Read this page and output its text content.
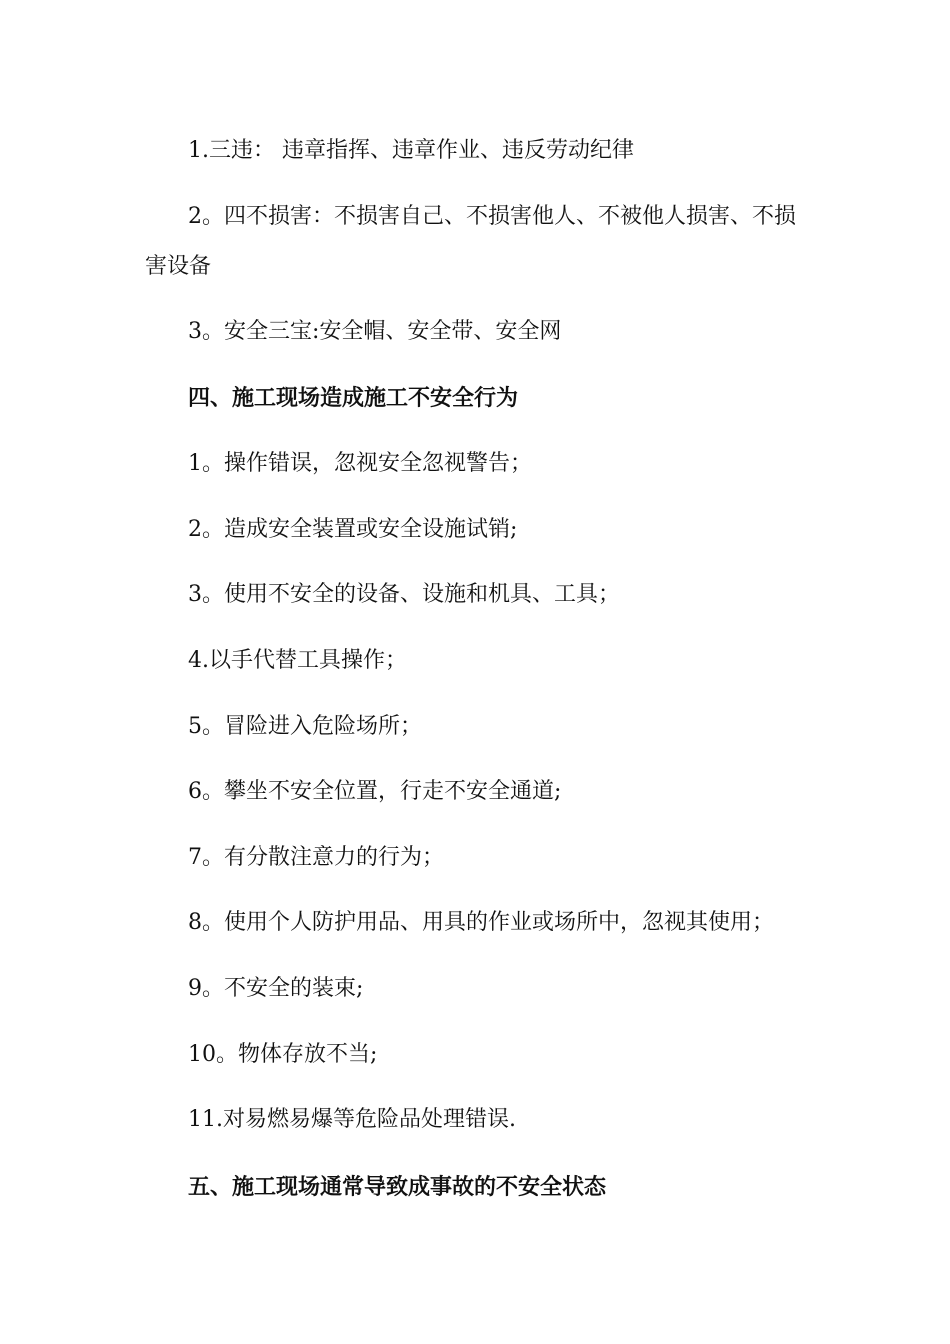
1.三违： 违章指挥、违章作业、违反劳动纪律
2。四不损害：不损害自己、不损害他人、不被他人损害、不损
害设备
3。安全三宝:安全帽、安全带、安全网
四、施工现场造成施工不安全行为
1。操作错误，忽视安全忽视警告；
2。造成安全装置或安全设施试销;
3。使用不安全的设备、设施和机具、工具；
4.以手代替工具操作；
5。冒险进入危险场所；
6。攀坐不安全位置，行走不安全通道;
7。有分散注意力的行为；
8。使用个人防护用品、用具的作业或场所中，忽视其使用；
9。不安全的装束;
10。物体存放不当;
11.对易燃易爆等危险品处理错误.
五、施工现场通常导致成事故的不安全状态
